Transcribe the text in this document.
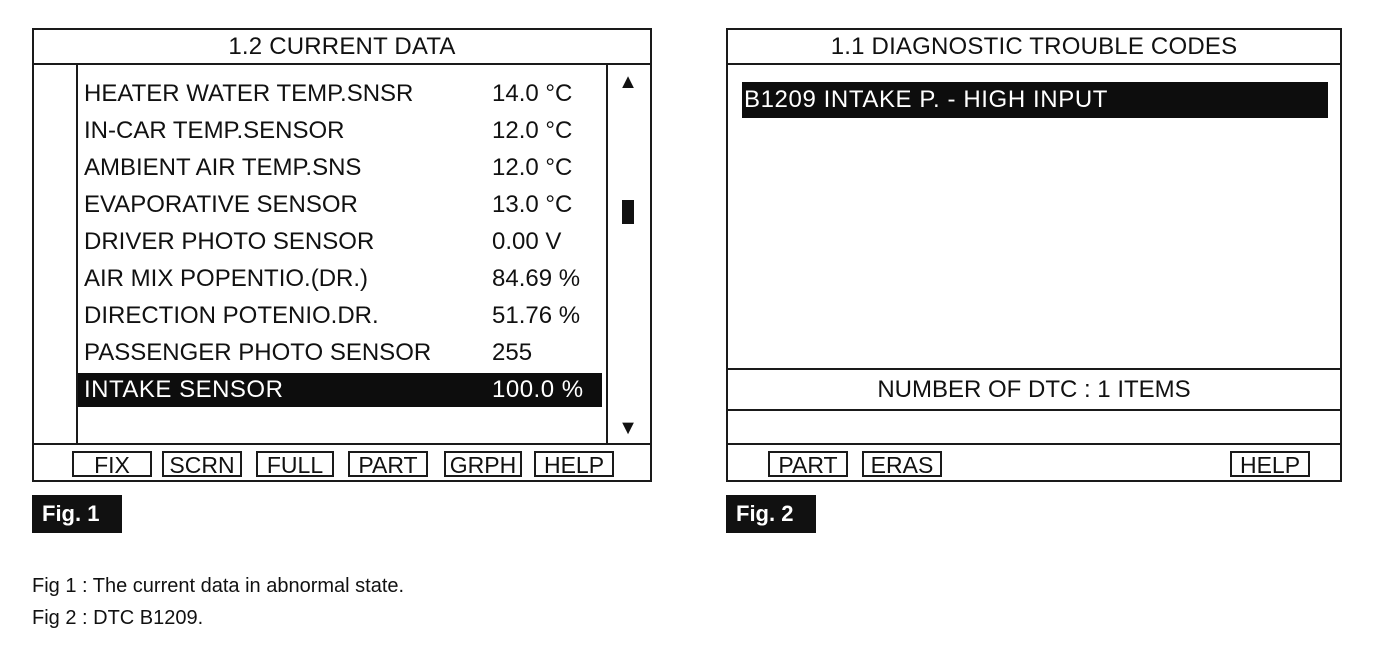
1.2 CURRENT DATA
HEATER WATER TEMP.SNSR	14.0 °C
IN-CAR TEMP.SENSOR	12.0 °C
AMBIENT AIR TEMP.SNS	12.0 °C
EVAPORATIVE SENSOR	13.0 °C
DRIVER PHOTO SENSOR	0.00 V
AIR MIX POPENTIO.(DR.)	84.69 %
DIRECTION POTENIO.DR.	51.76 %
PASSENGER PHOTO SENSOR	255
INTAKE SENSOR	100.0 %
▲
▼
FIX	SCRN	FULL	PART	GRPH	HELP
Fig. 1
1.1 DIAGNOSTIC TROUBLE CODES
B1209 INTAKE P. - HIGH INPUT
NUMBER OF DTC : 1 ITEMS
PART	ERAS	HELP
Fig. 2
Fig 1 : The current data in abnormal state.
Fig 2 : DTC B1209.
